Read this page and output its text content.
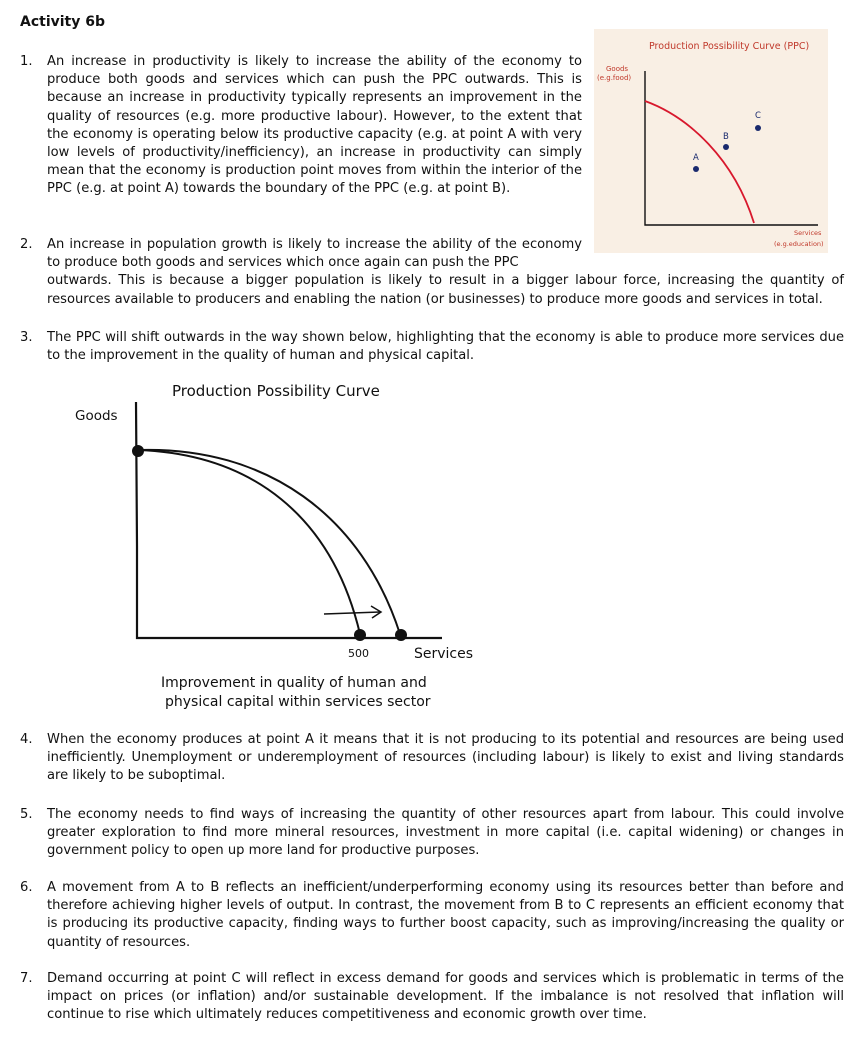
Activity 6b
1. An increase in productivity is likely to increase the ability of the economy to produce both goods and services which can push the PPC outwards. This is because an increase in productivity typically represents an improvement in the quality of resources (e.g. more productive labour). However, to the extent that the economy is operating below its productive capacity (e.g. at point A with very low levels of productivity/inefficiency), an increase in productivity can simply mean that the economy is production point moves from within the interior of the PPC (e.g. at point A) towards the boundary of the PPC (e.g. at point B).
2. An increase in population growth is likely to increase the ability of the economy to produce both goods and services which once again can push the PPC
outwards. This is because a bigger population is likely to result in a bigger labour force, increasing the quantity of resources available to producers and enabling the nation (or businesses) to produce more goods and services in total.
3. The PPC will shift outwards in the way shown below, highlighting that the economy is able to produce more services due to the improvement in the quality of human and physical capital.
4. When the economy produces at point A it means that it is not producing to its potential and resources are being used inefficiently. Unemployment or underemployment of resources (including labour) is likely to exist and living standards are likely to be suboptimal.
5. The economy needs to find ways of increasing the quantity of other resources apart from labour. This could involve greater exploration to find more mineral resources, investment in more capital (i.e. capital widening) or changes in government policy to open up more land for productive purposes.
6. A movement from A to B reflects an inefficient/underperforming economy using its resources better than before and therefore achieving higher levels of output. In contrast, the movement from B to C represents an efficient economy that is producing its productive capacity, finding ways to further boost capacity, such as improving/increasing the quality or quantity of resources.
7. Demand occurring at point C will reflect in excess demand for goods and services which is problematic in terms of the impact on prices (or inflation) and/or sustainable development. If the imbalance is not resolved that inflation will continue to rise which ultimately reduces competitiveness and economic growth over time.
Production Possibility Curve (PPC)
Goods
(e.g.food)
Services
(e.g.education)
A
B
C
Production Possibility Curve
Goods
500	Services
Improvement in quality of human and
physical capital within services sector
